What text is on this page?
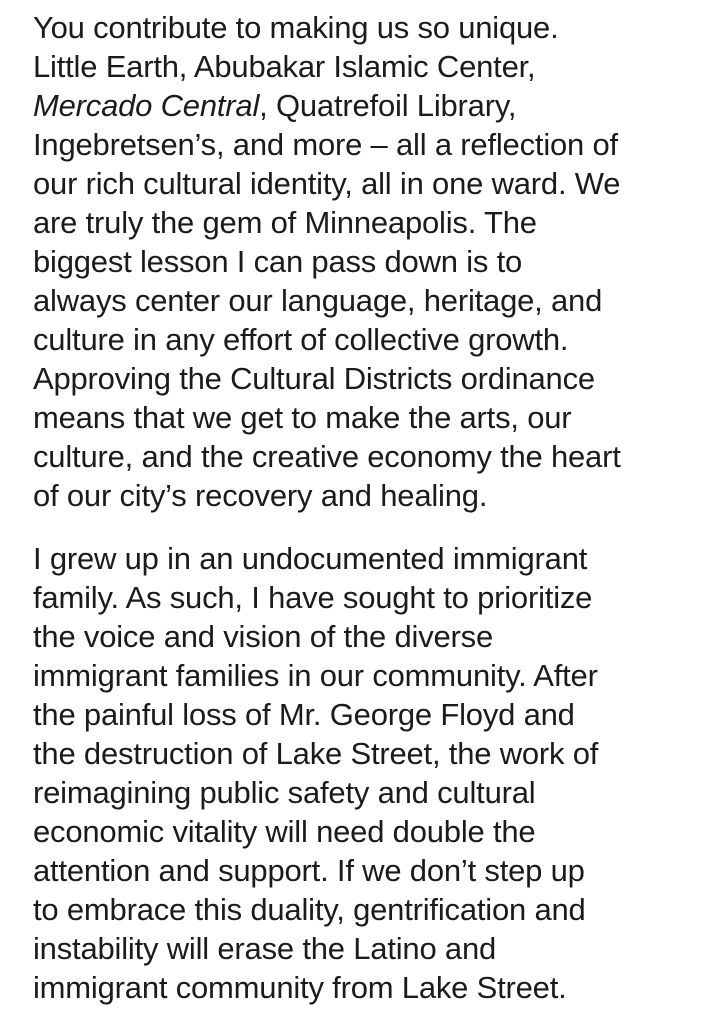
You contribute to making us so unique.
Little Earth, Abubakar Islamic Center,
Mercado Central, Quatrefoil Library,
Ingebretsen’s, and more – all a reflection of
our rich cultural identity, all in one ward. We
are truly the gem of Minneapolis. The
biggest lesson I can pass down is to
always center our language, heritage, and
culture in any effort of collective growth.
Approving the Cultural Districts ordinance
means that we get to make the arts, our
culture, and the creative economy the heart
of our city’s recovery and healing.
I grew up in an undocumented immigrant
family. As such, I have sought to prioritize
the voice and vision of the diverse
immigrant families in our community. After
the painful loss of Mr. George Floyd and
the destruction of Lake Street, the work of
reimagining public safety and cultural
economic vitality will need double the
attention and support. If we don’t step up
to embrace this duality, gentrification and
instability will erase the Latino and
immigrant community from Lake Street.
